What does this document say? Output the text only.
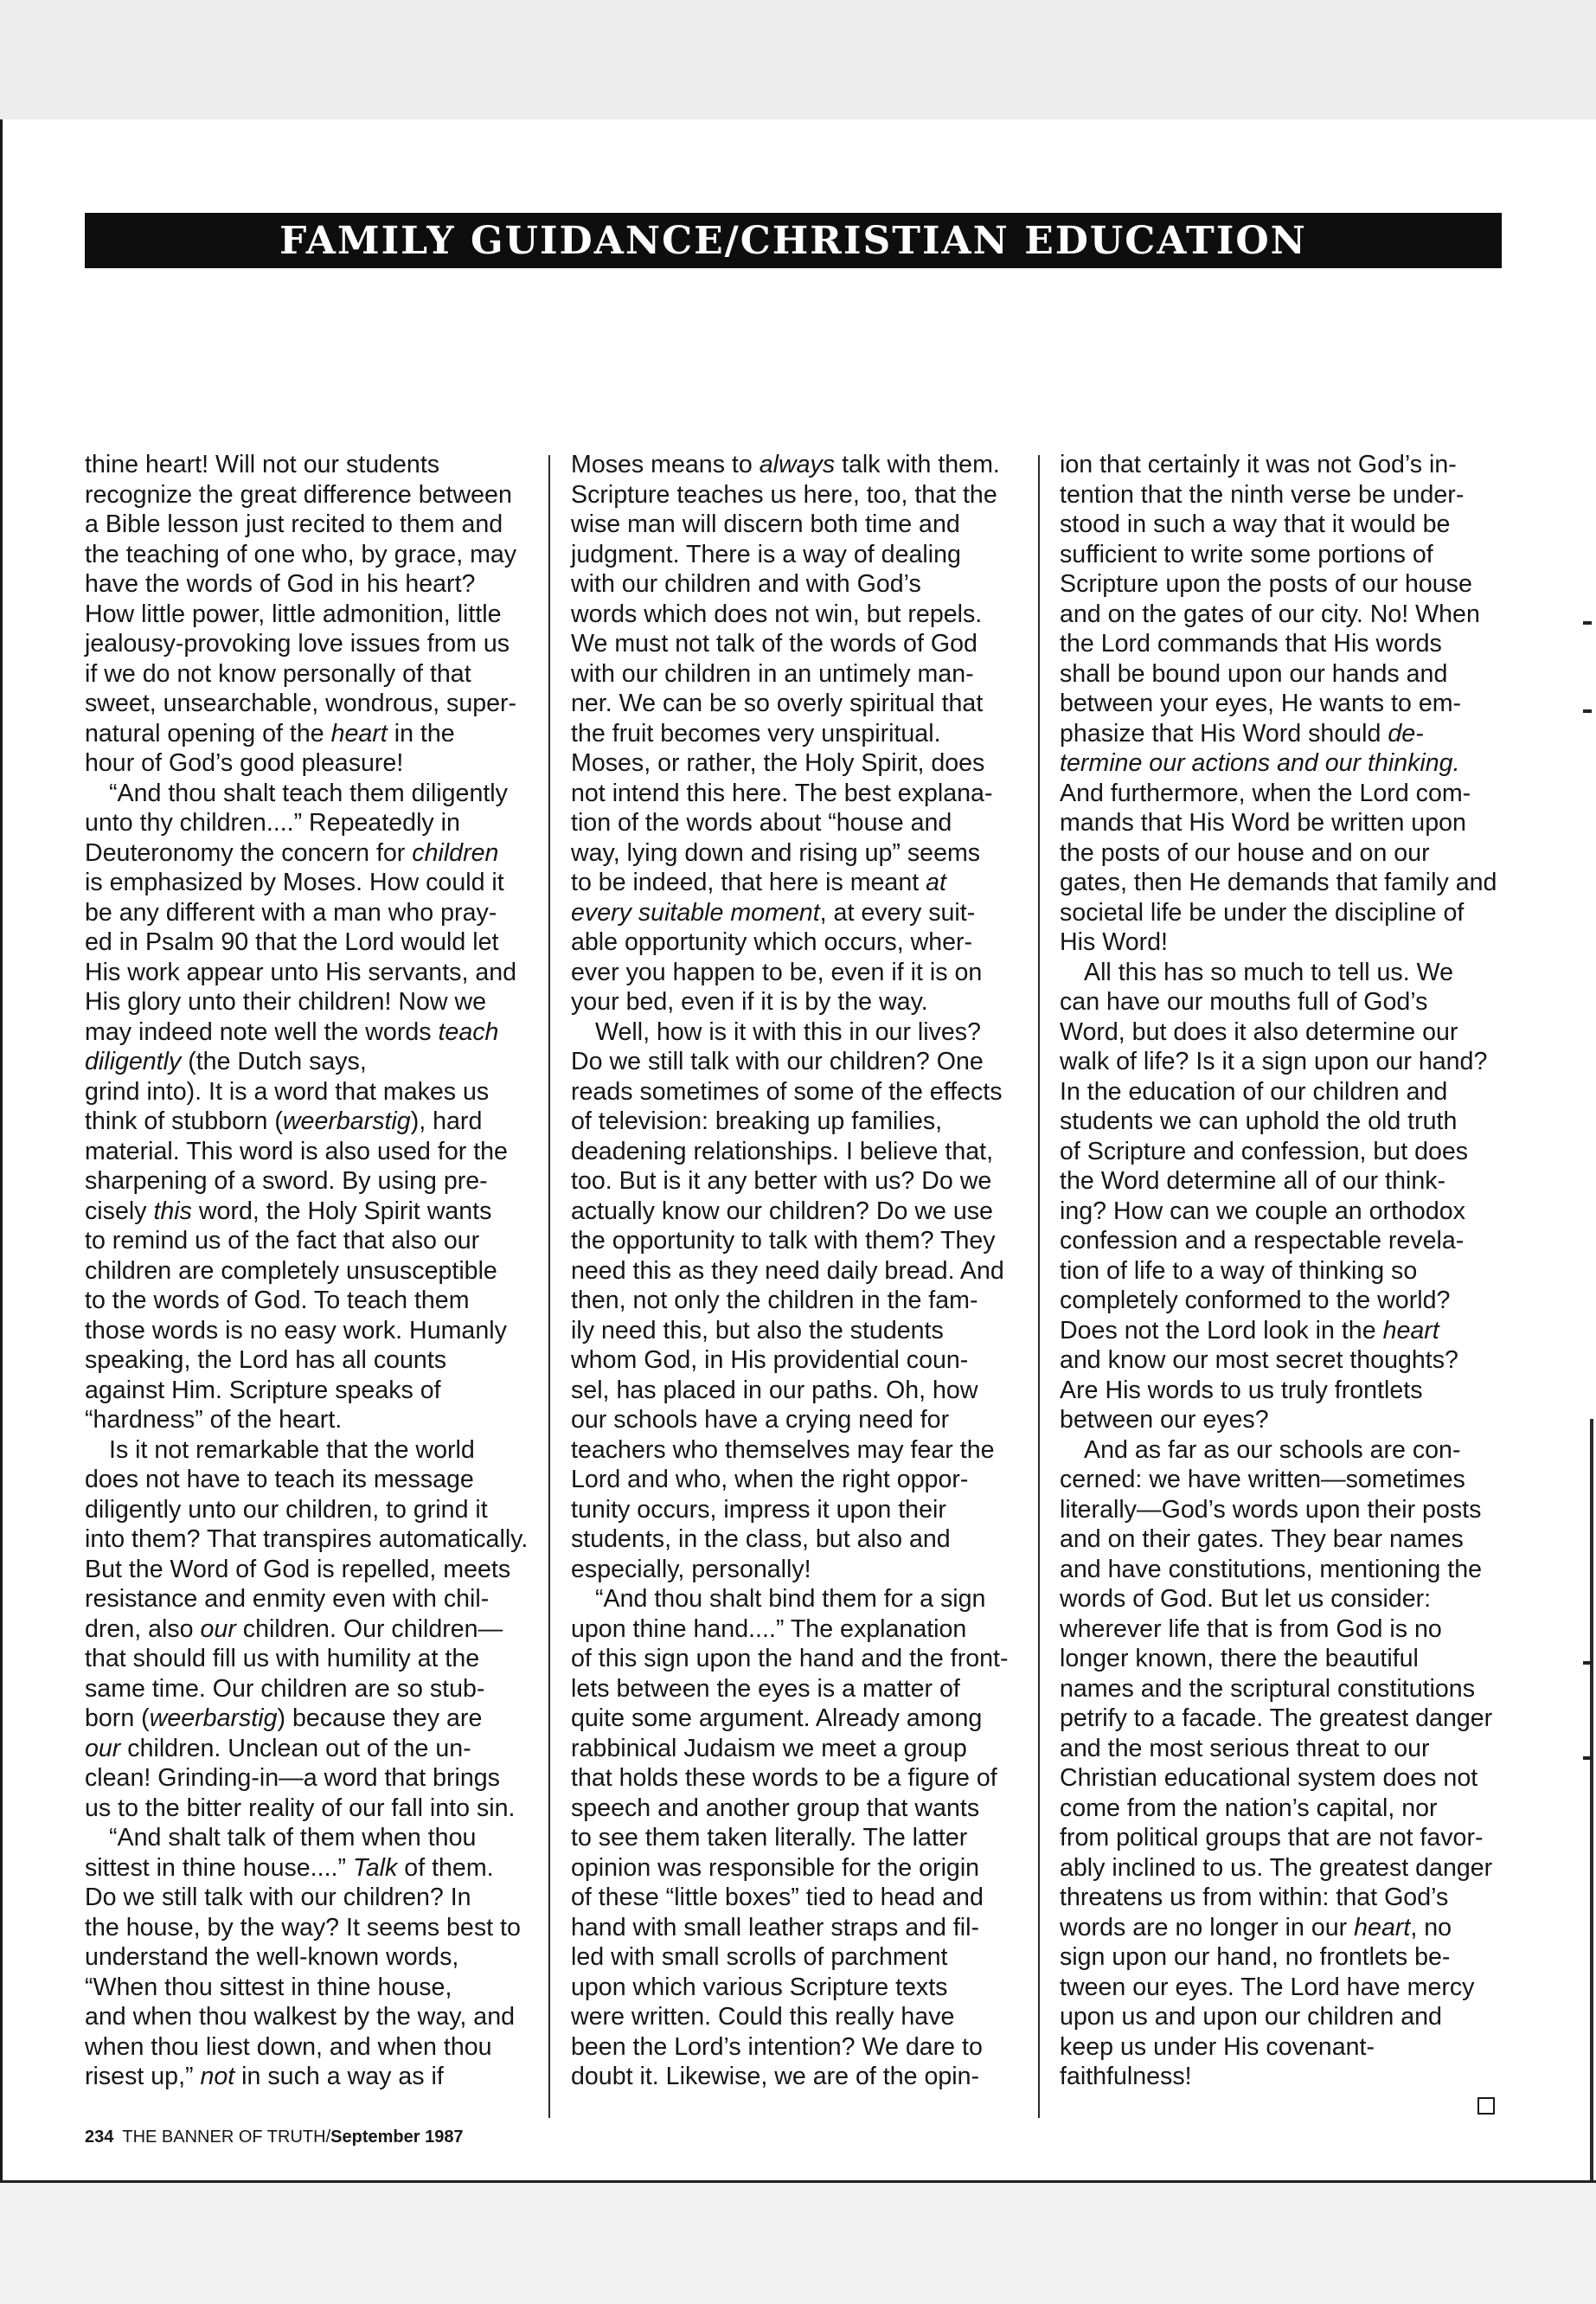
FAMILY GUIDANCE/CHRISTIAN EDUCATION
thine heart! Will not our students
recognize the great difference between
a Bible lesson just recited to them and
the teaching of one who, by grace, may
have the words of God in his heart?
How little power, little admonition, little
jealousy-provoking love issues from us
if we do not know personally of that
sweet, unsearchable, wondrous, super-
natural opening of the heart in the
hour of God’s good pleasure!
“And thou shalt teach them diligently
unto thy children....” Repeatedly in
Deuteronomy the concern for children
is emphasized by Moses. How could it
be any different with a man who pray-
ed in Psalm 90 that the Lord would let
His work appear unto His servants, and
His glory unto their children! Now we
may indeed note well the words teach
diligently (the Dutch says,
grind into). It is a word that makes us
think of stubborn (weerbarstig), hard
material. This word is also used for the
sharpening of a sword. By using pre-
cisely this word, the Holy Spirit wants
to remind us of the fact that also our
children are completely unsusceptible
to the words of God. To teach them
those words is no easy work. Humanly
speaking, the Lord has all counts
against Him. Scripture speaks of
“hardness” of the heart.
Is it not remarkable that the world
does not have to teach its message
diligently unto our children, to grind it
into them? That transpires automatically.
But the Word of God is repelled, meets
resistance and enmity even with chil-
dren, also our children. Our children—
that should fill us with humility at the
same time. Our children are so stub-
born (weerbarstig) because they are
our children. Unclean out of the un-
clean! Grinding-in—a word that brings
us to the bitter reality of our fall into sin.
“And shalt talk of them when thou
sittest in thine house....” Talk of them.
Do we still talk with our children? In
the house, by the way? It seems best to
understand the well-known words,
“When thou sittest in thine house,
and when thou walkest by the way, and
when thou liest down, and when thou
risest up,” not in such a way as if
Moses means to always talk with them.
Scripture teaches us here, too, that the
wise man will discern both time and
judgment. There is a way of dealing
with our children and with God’s
words which does not win, but repels.
We must not talk of the words of God
with our children in an untimely man-
ner. We can be so overly spiritual that
the fruit becomes very unspiritual.
Moses, or rather, the Holy Spirit, does
not intend this here. The best explana-
tion of the words about “house and
way, lying down and rising up” seems
to be indeed, that here is meant at
every suitable moment, at every suit-
able opportunity which occurs, wher-
ever you happen to be, even if it is on
your bed, even if it is by the way.
Well, how is it with this in our lives?
Do we still talk with our children? One
reads sometimes of some of the effects
of television: breaking up families,
deadening relationships. I believe that,
too. But is it any better with us? Do we
actually know our children? Do we use
the opportunity to talk with them? They
need this as they need daily bread. And
then, not only the children in the fam-
ily need this, but also the students
whom God, in His providential coun-
sel, has placed in our paths. Oh, how
our schools have a crying need for
teachers who themselves may fear the
Lord and who, when the right oppor-
tunity occurs, impress it upon their
students, in the class, but also and
especially, personally!
“And thou shalt bind them for a sign
upon thine hand....” The explanation
of this sign upon the hand and the front-
lets between the eyes is a matter of
quite some argument. Already among
rabbinical Judaism we meet a group
that holds these words to be a figure of
speech and another group that wants
to see them taken literally. The latter
opinion was responsible for the origin
of these “little boxes” tied to head and
hand with small leather straps and fil-
led with small scrolls of parchment
upon which various Scripture texts
were written. Could this really have
been the Lord’s intention? We dare to
doubt it. Likewise, we are of the opin-
ion that certainly it was not God’s in-
tention that the ninth verse be under-
stood in such a way that it would be
sufficient to write some portions of
Scripture upon the posts of our house
and on the gates of our city. No! When
the Lord commands that His words
shall be bound upon our hands and
between your eyes, He wants to em-
phasize that His Word should de-
termine our actions and our thinking.
And furthermore, when the Lord com-
mands that His Word be written upon
the posts of our house and on our
gates, then He demands that family and
societal life be under the discipline of
His Word!
All this has so much to tell us. We
can have our mouths full of God’s
Word, but does it also determine our
walk of life? Is it a sign upon our hand?
In the education of our children and
students we can uphold the old truth
of Scripture and confession, but does
the Word determine all of our think-
ing? How can we couple an orthodox
confession and a respectable revela-
tion of life to a way of thinking so
completely conformed to the world?
Does not the Lord look in the heart
and know our most secret thoughts?
Are His words to us truly frontlets
between our eyes?
And as far as our schools are con-
cerned: we have written—sometimes
literally—God’s words upon their posts
and on their gates. They bear names
and have constitutions, mentioning the
words of God. But let us consider:
wherever life that is from God is no
longer known, there the beautiful
names and the scriptural constitutions
petrify to a facade. The greatest danger
and the most serious threat to our
Christian educational system does not
come from the nation’s capital, nor
from political groups that are not favor-
ably inclined to us. The greatest danger
threatens us from within: that God’s
words are no longer in our heart, no
sign upon our hand, no frontlets be-
tween our eyes. The Lord have mercy
upon us and upon our children and
keep us under His covenant-
faithfulness!
234 THE BANNER OF TRUTH/September 1987
